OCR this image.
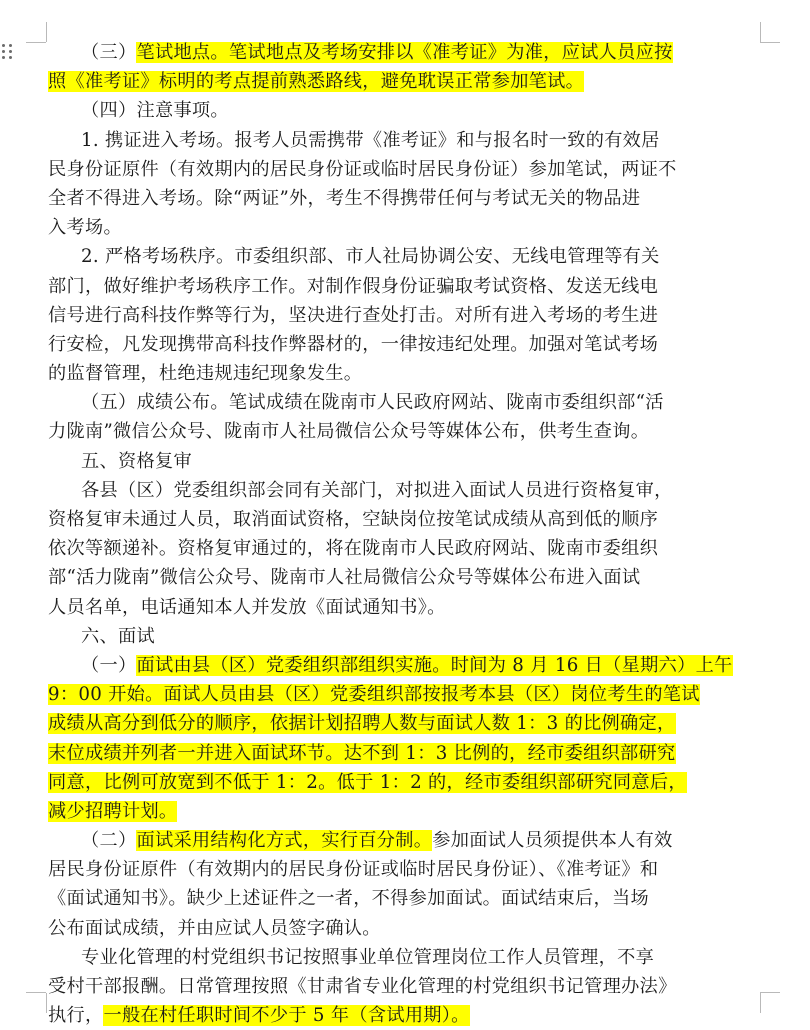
（三）笔试地点。笔试地点及考场安排以《准考证》为准，应试人员应按
照《准考证》标明的考点提前熟悉路线，避免耽误正常参加笔试。
（四）注意事项。
1. 携证进入考场。报考人员需携带《准考证》和与报名时一致的有效居
民身份证原件（有效期内的居民身份证或临时居民身份证）参加笔试，两证不
全者不得进入考场。除“两证”外，考生不得携带任何与考试无关的物品进
入考场。
2. 严格考场秩序。市委组织部、市人社局协调公安、无线电管理等有关
部门，做好维护考场秩序工作。对制作假身份证骗取考试资格、发送无线电
信号进行高科技作弊等行为，坚决进行查处打击。对所有进入考场的考生进
行安检，凡发现携带高科技作弊器材的，一律按违纪处理。加强对笔试考场
的监督管理，杜绝违规违纪现象发生。
（五）成绩公布。笔试成绩在陇南市人民政府网站、陇南市委组织部“活
力陇南”微信公众号、陇南市人社局微信公众号等媒体公布，供考生查询。
五、资格复审
各县（区）党委组织部会同有关部门，对拟进入面试人员进行资格复审，
资格复审未通过人员，取消面试资格，空缺岗位按笔试成绩从高到低的顺序
依次等额递补。资格复审通过的，将在陇南市人民政府网站、陇南市委组织
部“活力陇南”微信公众号、陇南市人社局微信公众号等媒体公布进入面试
人员名单，电话通知本人并发放《面试通知书》。
六、面试
（一）面试由县（区）党委组织部组织实施。时间为 8 月 16 日（星期六）上午
9：00 开始。面试人员由县（区）党委组织部按报考本县（区）岗位考生的笔试
成绩从高分到低分的顺序，依据计划招聘人数与面试人数 1：3 的比例确定，
末位成绩并列者一并进入面试环节。达不到 1：3 比例的，经市委组织部研究
同意，比例可放宽到不低于 1：2。低于 1：2 的，经市委组织部研究同意后，
减少招聘计划。
（二）面试采用结构化方式，实行百分制。参加面试人员须提供本人有效
居民身份证原件（有效期内的居民身份证或临时居民身份证）、《准考证》和
《面试通知书》。缺少上述证件之一者，不得参加面试。面试结束后，当场
公布面试成绩，并由应试人员签字确认。
专业化管理的村党组织书记按照事业单位管理岗位工作人员管理，不享
受村干部报酬。日常管理按照《甘肃省专业化管理的村党组织书记管理办法》
执行，一般在村任职时间不少于 5 年（含试用期）。
